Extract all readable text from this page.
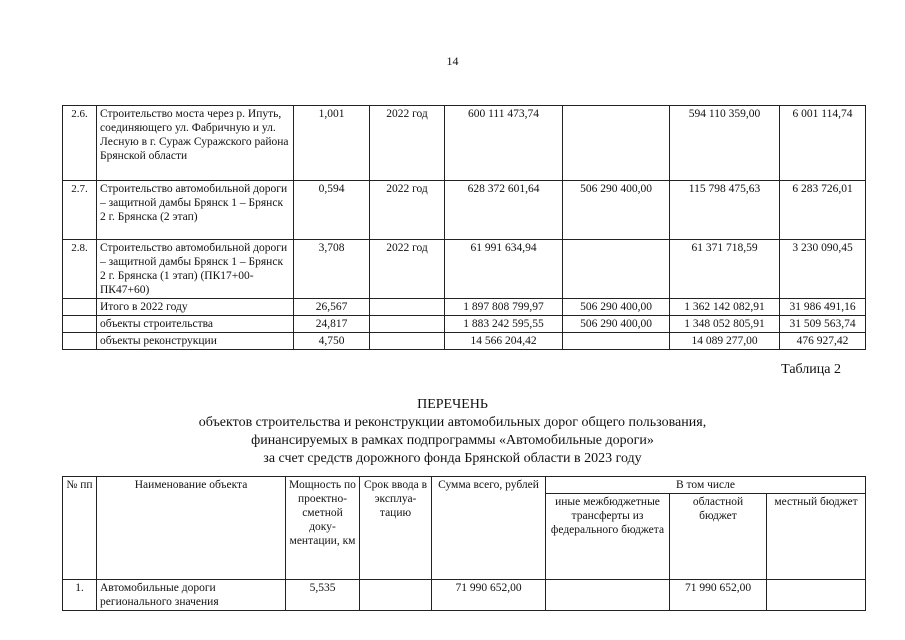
14
2.6.	Строительство моста через р. Ипуть, соединяющего ул. Фабричную и ул. Лесную в г. Сураж Суражского района Брянской области	1,001	2022 год	600 111 473,74		594 110 359,00	6 001 114,74
2.7.	Строительство автомобильной дороги – защитной дамбы Брянск 1 – Брянск 2 г. Брянска (2 этап)	0,594	2022 год	628 372 601,64	506 290 400,00	115 798 475,63	6 283 726,01
2.8.	Строительство автомобильной дороги – защитной дамбы Брянск 1 – Брянск 2 г. Брянска (1 этап) (ПК17+00-ПК47+60)	3,708	2022 год	61 991 634,94		61 371 718,59	3 230 090,45
	Итого в 2022 году	26,567		1 897 808 799,97	506 290 400,00	1 362 142 082,91	31 986 491,16
	объекты строительства	24,817		1 883 242 595,55	506 290 400,00	1 348 052 805,91	31 509 563,74
	объекты реконструкции	4,750		14 566 204,42		14 089 277,00	476 927,42
Таблица 2
ПЕРЕЧЕНЬ
объектов строительства и реконструкции автомобильных дорог общего пользования,
финансируемых в рамках подпрограммы «Автомобильные дороги»
за счет средств дорожного фонда Брянской области в 2023 году
№ пп	Наименование объекта	Мощность по проектно-сметной доку-ментации, км	Срок ввода в эксплуа-тацию	Сумма всего, рублей	В том числе		
					иные межбюджетные трансферты из федерального бюджета	областной бюджет	местный бюджет
1.	Автомобильные дороги регионального значения	5,535		71 990 652,00		71 990 652,00	
